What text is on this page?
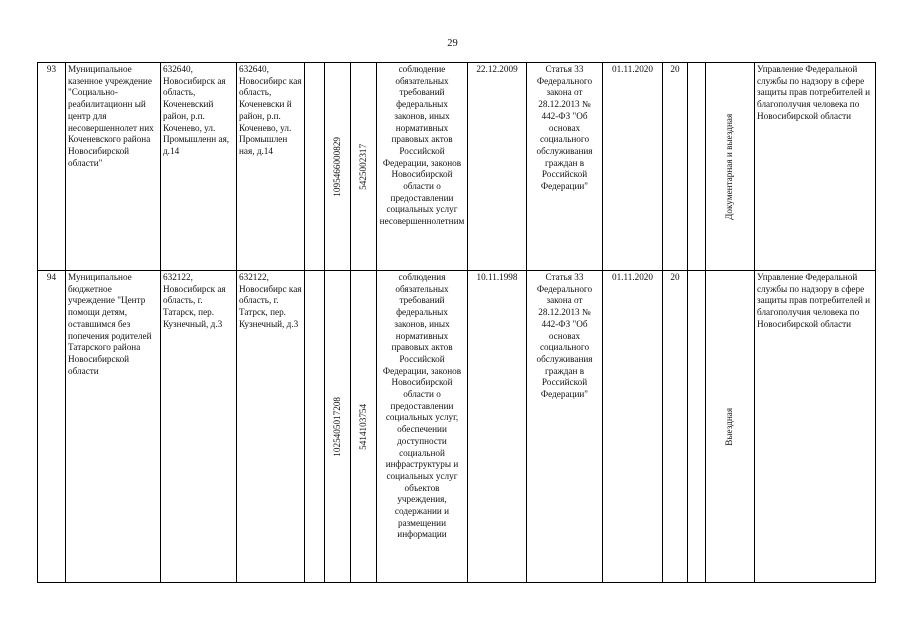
29
93	Муниципальное казенное учреждение "Социально-реабилитационн ый центр для несовершеннолет них Коченевского района Новосибирской области"	632640, Новосибирск ая область, Коченевский район, р.п. Коченево, ул. Промышленн ая, д.14	632640, Новосибирс кая область, Коченевски й район, р.п. Коченево, ул. Промышлен ная, д.14		1095466000829	5425002317	соблюдение обязательных требований федеральных законов, иных нормативных правовых актов Российской Федерации, законов Новосибирской области о предоставлении социальных услуг несовершеннолетним	22.12.2009	Статья 33 Федерального закона от 28.12.2013 № 442-ФЗ "Об основах социального обслуживания граждан в Российской Федерации"	01.11.2020	20		Документарная и выездная	Управление Федеральной службы по надзору в сфере защиты прав потребителей и благополучия человека по Новосибирской области
94	Муниципальное бюджетное учреждение "Центр помощи детям, оставшимся без попечения родителей Татарского района Новосибирской области	632122, Новосибирск ая область, г. Татарск, пер. Кузнечный, д.3	632122, Новосибирс кая область, г. Татрск, пер. Кузнечный, д.3		1025405017208	5414103754	соблюдения обязательных требований федеральных законов, иных нормативных правовых актов Российской Федерации, законов Новосибирской области о предоставлении социальных услуг, обеспечении доступности социальной инфраструктуры и социальных услуг объектов учреждения, содержании и размещении информации	10.11.1998	Статья 33 Федерального закона от 28.12.2013 № 442-ФЗ "Об основах социального обслуживания граждан в Российской Федерации"	01.11.2020	20		Выездная	Управление Федеральной службы по надзору в сфере защиты прав потребителей и благополучия человека по Новосибирской области
